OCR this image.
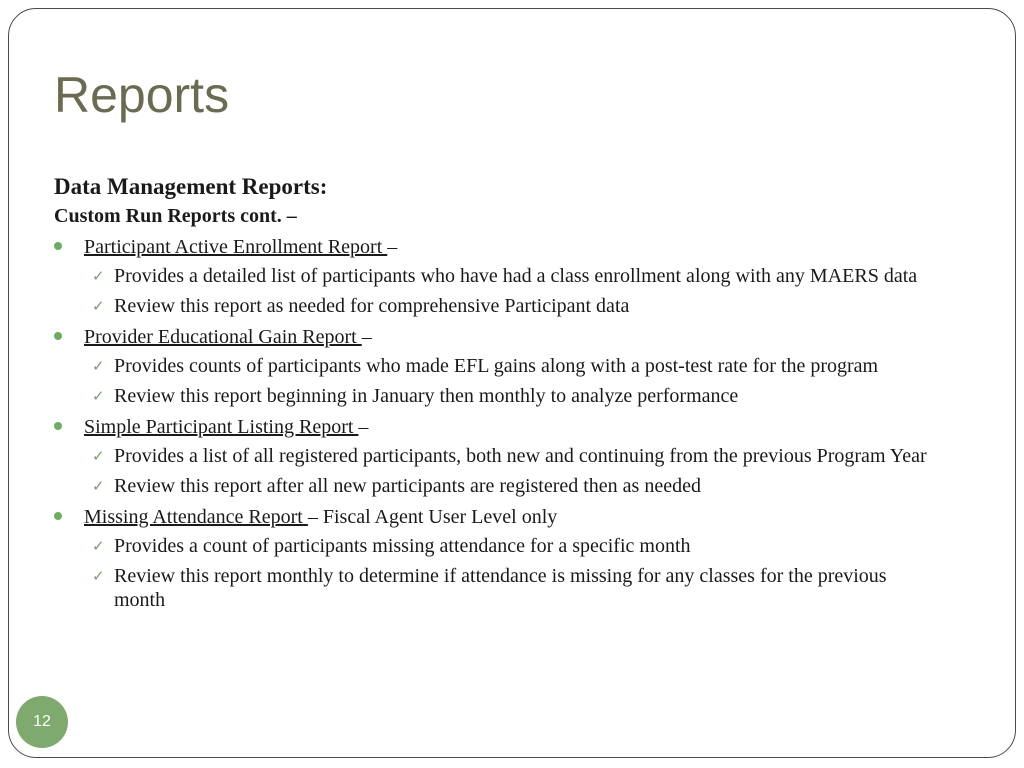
Reports

Data Management Reports:

Custom Run Reports cont. –

Participant Active Enrollment Report –
✓ Provides a detailed list of participants who have had a class enrollment along with any MAERS data
✓ Review this report as needed for comprehensive Participant data
Provider Educational Gain Report –
✓ Provides counts of participants who made EFL gains along with a post-test rate for the program
✓ Review this report beginning in January then monthly to analyze performance
Simple Participant Listing Report –
✓ Provides a list of all registered participants, both new and continuing from the previous Program Year
✓ Review this report after all new participants are registered then as needed
Missing Attendance Report – Fiscal Agent User Level only
✓ Provides a count of participants missing attendance for a specific month
✓ Review this report monthly to determine if attendance is missing for any classes for the previous month
12
